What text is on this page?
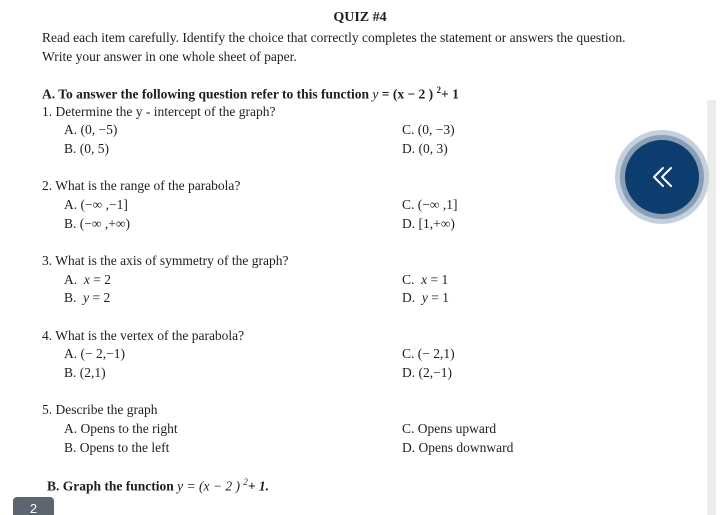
QUIZ #4
Read each item carefully. Identify the choice that correctly completes the statement or answers the question.
Write your answer in one whole sheet of paper.
A. To answer the following question refer to this function y = (x − 2 ) $^2$+ 1
1. Determine the y - intercept of the graph?
A. (0, −5)
B. (0, 5)
C. (0, −3)
D. (0, 3)
2. What is the range of the parabola?
A. (−∞ ,−1]
B. (−∞ ,+∞)
C. (−∞ ,1]
D. [1,+∞)
3. What is the axis of symmetry of the graph?
A. x = 2
B. y = 2
C. x = 1
D. y = 1
4. What is the vertex of the parabola?
A. (− 2,−1)
B. (2,1)
C. (− 2,1)
D. (2,−1)
5. Describe the graph
A. Opens to the right
B. Opens to the left
C. Opens upward
D. Opens downward
B. Graph the function y = (x − 2 ) $^2$+ 1.
2
